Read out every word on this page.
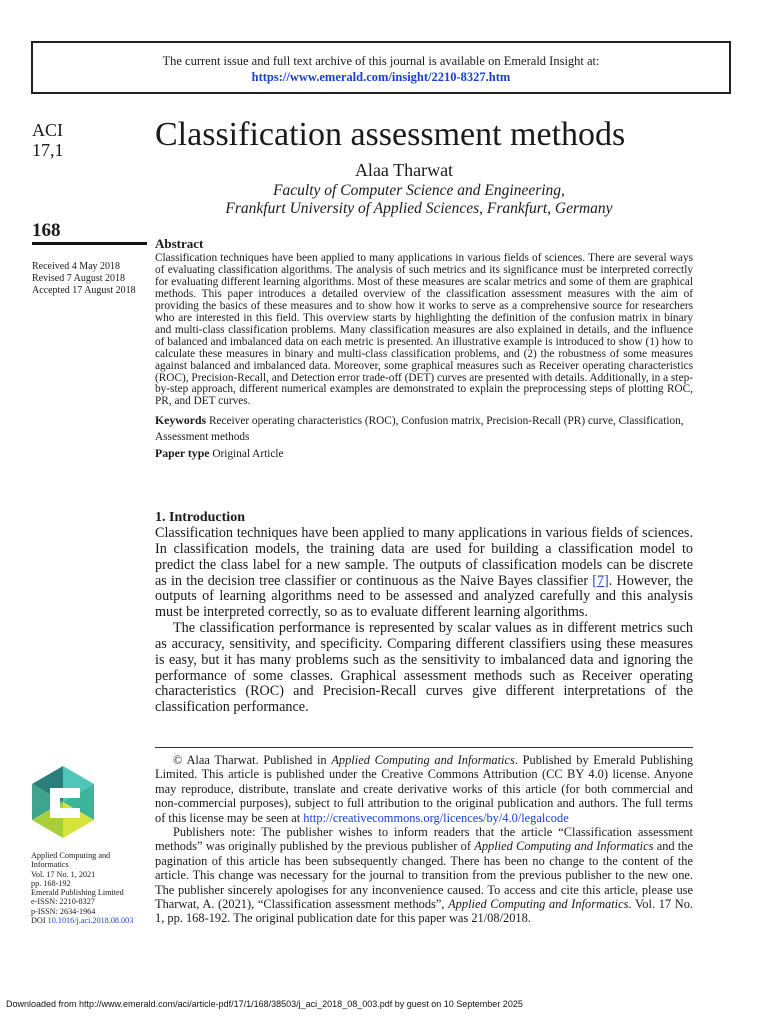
The current issue and full text archive of this journal is available on Emerald Insight at:
https://www.emerald.com/insight/2210-8327.htm
ACI
17,1	Classification assessment methods
Alaa Tharwat
Faculty of Computer Science and Engineering,
Frankfurt University of Applied Sciences, Frankfurt, Germany
168
Received 4 May 2018
Revised 7 August 2018
Accepted 17 August 2018
Abstract

Classification techniques have been applied to many applications in various fields of sciences. There are several ways of evaluating classification algorithms. The analysis of such metrics and its significance must be interpreted correctly for evaluating different learning algorithms. Most of these measures are scalar metrics and some of them are graphical methods. This paper introduces a detailed overview of the classification assessment measures with the aim of providing the basics of these measures and to show how it works to serve as a comprehensive source for researchers who are interested in this field. This overview starts by highlighting the definition of the confusion matrix in binary and multi-class classification problems. Many classification measures are also explained in details, and the influence of balanced and imbalanced data on each metric is presented. An illustrative example is introduced to show (1) how to calculate these measures in binary and multi-class classification problems, and (2) the robustness of some measures against balanced and imbalanced data. Moreover, some graphical measures such as Receiver operating characteristics (ROC), Precision-Recall, and Detection error trade-off (DET) curves are presented with details. Additionally, in a step-by-step approach, different numerical examples are demonstrated to explain the preprocessing steps of plotting ROC, PR, and DET curves.

Keywords Receiver operating characteristics (ROC), Confusion matrix, Precision-Recall (PR) curve, Classification, Assessment methods
Paper type Original Article
1. Introduction

Classification techniques have been applied to many applications in various fields of sciences. In classification models, the training data are used for building a classification model to predict the class label for a new sample. The outputs of classification models can be discrete as in the decision tree classifier or continuous as the Naive Bayes classifier [7]. However, the outputs of learning algorithms need to be assessed and analyzed carefully and this analysis must be interpreted correctly, so as to evaluate different learning algorithms.

The classification performance is represented by scalar values as in different metrics such as accuracy, sensitivity, and specificity. Comparing different classifiers using these measures is easy, but it has many problems such as the sensitivity to imbalanced data and ignoring the performance of some classes. Graphical assessment methods such as Receiver operating characteristics (ROC) and Precision-Recall curves give different interpretations of the classification performance.

© Alaa Tharwat. Published in Applied Computing and Informatics. Published by Emerald Publishing Limited. This article is published under the Creative Commons Attribution (CC BY 4.0) license. Anyone may reproduce, distribute, translate and create derivative works of this article (for both commercial and non-commercial purposes), subject to full attribution to the original publication and authors. The full terms of this license may be seen at http://creativecommons.org/licences/by/4.0/legalcode

Publishers note: The publisher wishes to inform readers that the article “Classification assessment methods” was originally published by the previous publisher of Applied Computing and Informatics and the pagination of this article has been subsequently changed. There has been no change to the content of the article. This change was necessary for the journal to transition from the previous publisher to the new one. The publisher sincerely apologises for any inconvenience caused. To access and cite this article, please use Tharwat, A. (2021), “Classification assessment methods”, Applied Computing and Informatics. Vol. 17 No. 1, pp. 168-192. The original publication date for this paper was 21/08/2018.

Applied Computing and
Informatics
Vol. 17 No. 1, 2021
pp. 168-192
Emerald Publishing Limited
e-ISSN: 2210-8327
p-ISSN: 2634-1964
DOI 10.1016/j.aci.2018.08.003
Downloaded from http://www.emerald.com/aci/article-pdf/17/1/168/38503/j_aci_2018_08_003.pdf by guest on 10 September 2025
